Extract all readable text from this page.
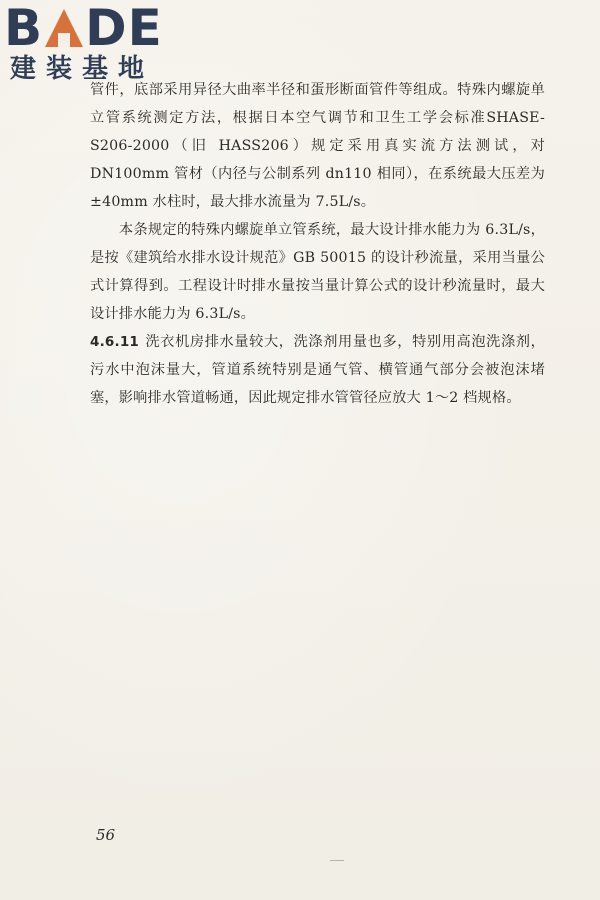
B DE
建装基地

管件，底部采用异径大曲率半径和蛋形断面管件等组成。特殊内螺旋单立管系统测定方法，根据日本空气调节和卫生工学会标准SHASE-S206-2000（旧 HASS206）规定采用真实流方法测试，对 DN100mm 管材（内径与公制系列 dn110 相同），在系统最大压差为±40mm 水柱时，最大排水流量为 7.5L/s。

本条规定的特殊内螺旋单立管系统，最大设计排水能力为 6.3L/s，是按《建筑给水排水设计规范》GB 50015 的设计秒流量，采用当量公式计算得到。工程设计时排水量按当量计算公式的设计秒流量时，最大设计排水能力为 6.3L/s。

4.6.11 洗衣机房排水量较大，洗涤剂用量也多，特别用高泡洗涤剂，污水中泡沫量大，管道系统特别是通气管、横管通气部分会被泡沫堵塞，影响排水管道畅通，因此规定排水管管径应放大 1～2 档规格。

56
